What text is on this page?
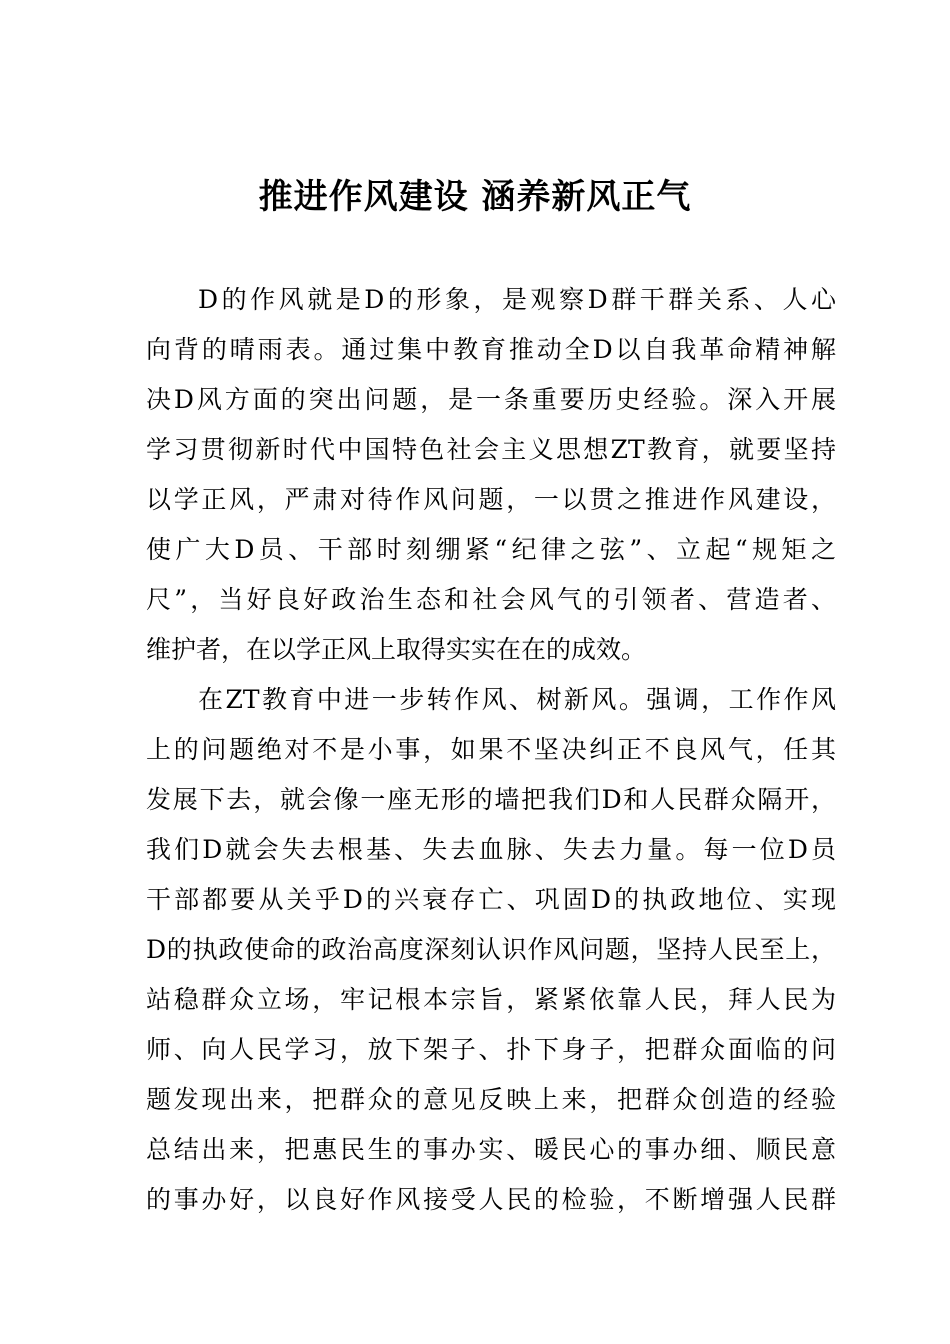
推进作风建设 涵养新风正气
D的作风就是D的形象，是观察D群干群关系、人心
向背的晴雨表。通过集中教育推动全D以自我革命精神解
决D风方面的突出问题，是一条重要历史经验。深入开展
学习贯彻新时代中国特色社会主义思想ZT教育，就要坚持
以学正风，严肃对待作风问题，一以贯之推进作风建设，
使广大D员、干部时刻绷紧“纪律之弦”、立起“规矩之
尺”，当好良好政治生态和社会风气的引领者、营造者、
维护者，在以学正风上取得实实在在的成效。
在ZT教育中进一步转作风、树新风。强调，工作作风
上的问题绝对不是小事，如果不坚决纠正不良风气，任其
发展下去，就会像一座无形的墙把我们D和人民群众隔开，
我们D就会失去根基、失去血脉、失去力量。每一位D员
干部都要从关乎D的兴衰存亡、巩固D的执政地位、实现
D的执政使命的政治高度深刻认识作风问题，坚持人民至上，
站稳群众立场，牢记根本宗旨，紧紧依靠人民，拜人民为
师、向人民学习，放下架子、扑下身子，把群众面临的问
题发现出来，把群众的意见反映上来，把群众创造的经验
总结出来，把惠民生的事办实、暖民心的事办细、顺民意
的事办好，以良好作风接受人民的检验，不断增强人民群
